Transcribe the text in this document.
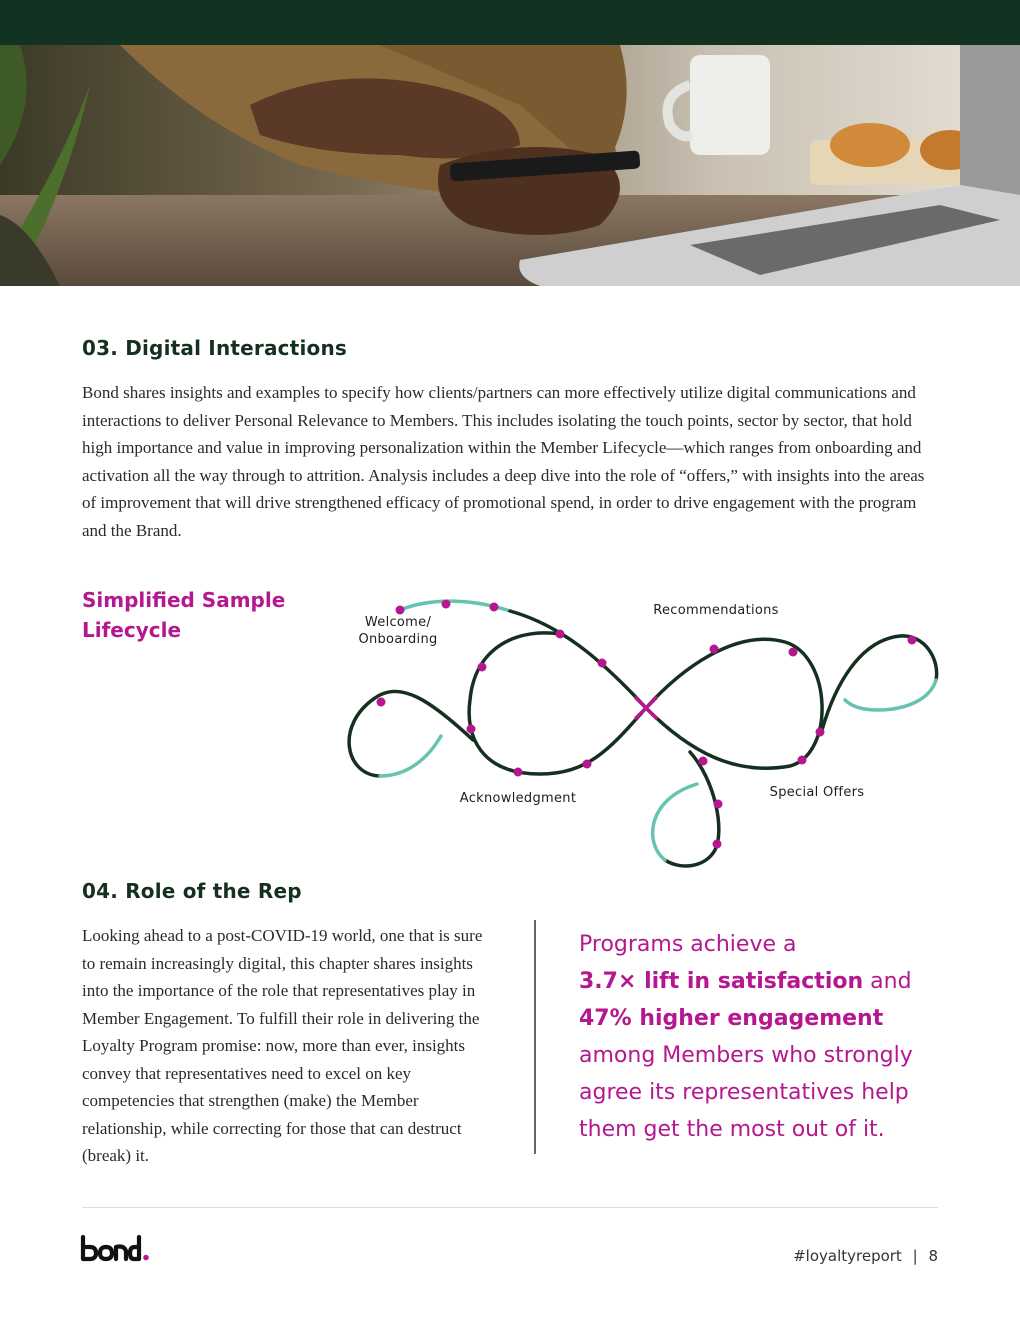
03. Digital Interactions

Bond shares insights and examples to specify how clients/partners can more effectively utilize digital communications and interactions to deliver Personal Relevance to Members. This includes isolating the touch points, sector by sector, that hold high importance and value in improving personalization within the Member Lifecycle—which ranges from onboarding and activation all the way through to attrition. Analysis includes a deep dive into the role of “offers,” with insights into the areas of improvement that will drive strengthened efficacy of promotional spend, in order to drive engagement with the program and the Brand.

Simplified Sample Lifecycle	Welcome/ Onboarding
Recommendations
Acknowledgment	Special Offers
04. Role of the Rep

Looking ahead to a post-COVID-19 world, one that is sure to remain increasingly digital, this chapter shares insights into the importance of the role that representatives play in Member Engagement. To fulfill their role in delivering the Loyalty Program promise: now, more than ever, insights convey that representatives need to excel on key competencies that strengthen (make) the Member relationship, while correcting for those that can destruct (break) it.

Programs achieve a
3.7× lift in satisfaction and
47% higher engagement
among Members who strongly agree its representatives help them get the most out of it.

#loyaltyreport | 8
